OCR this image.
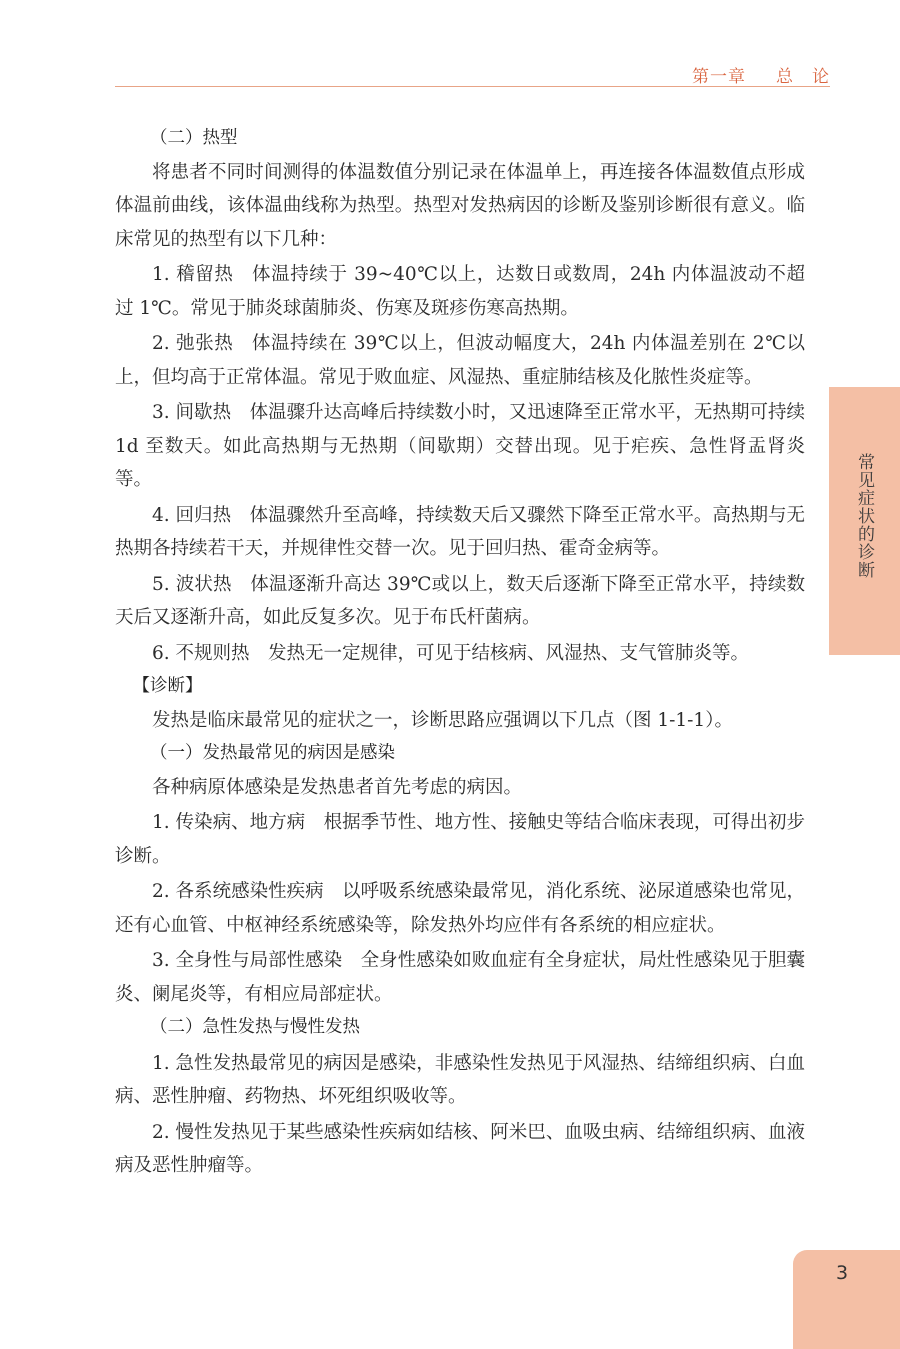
第一章 总　论
常见症状的诊断
3

（二）热型

将患者不同时间测得的体温数值分别记录在体温单上，再连接各体温数值点形成体温前曲线，该体温曲线称为热型。热型对发热病因的诊断及鉴别诊断很有意义。临床常见的热型有以下几种：

1. 稽留热 体温持续于 39~40℃以上，达数日或数周，24h 内体温波动不超过 1℃。常见于肺炎球菌肺炎、伤寒及斑疹伤寒高热期。

2. 弛张热 体温持续在 39℃以上，但波动幅度大，24h 内体温差别在 2℃以上，但均高于正常体温。常见于败血症、风湿热、重症肺结核及化脓性炎症等。

3. 间歇热 体温骤升达高峰后持续数小时，又迅速降至正常水平，无热期可持续 1d 至数天。如此高热期与无热期（间歇期）交替出现。见于疟疾、急性肾盂肾炎等。

4. 回归热 体温骤然升至高峰，持续数天后又骤然下降至正常水平。高热期与无热期各持续若干天，并规律性交替一次。见于回归热、霍奇金病等。

5. 波状热 体温逐渐升高达 39℃或以上，数天后逐渐下降至正常水平，持续数天后又逐渐升高，如此反复多次。见于布氏杆菌病。

6. 不规则热 发热无一定规律，可见于结核病、风湿热、支气管肺炎等。

【诊断】

发热是临床最常见的症状之一，诊断思路应强调以下几点（图 1-1-1）。

（一）发热最常见的病因是感染

各种病原体感染是发热患者首先考虑的病因。

1. 传染病、地方病 根据季节性、地方性、接触史等结合临床表现，可得出初步诊断。

2. 各系统感染性疾病 以呼吸系统感染最常见，消化系统、泌尿道感染也常见，还有心血管、中枢神经系统感染等，除发热外均应伴有各系统的相应症状。

3. 全身性与局部性感染 全身性感染如败血症有全身症状，局灶性感染见于胆囊炎、阑尾炎等，有相应局部症状。

（二）急性发热与慢性发热

1. 急性发热最常见的病因是感染，非感染性发热见于风湿热、结缔组织病、白血病、恶性肿瘤、药物热、坏死组织吸收等。

2. 慢性发热见于某些感染性疾病如结核、阿米巴、血吸虫病、结缔组织病、血液病及恶性肿瘤等。
